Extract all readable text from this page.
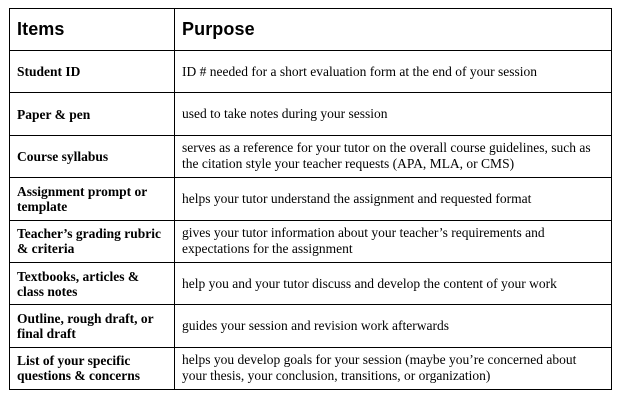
Items	Purpose
Student ID	ID # needed for a short evaluation form at the end of your session
Paper & pen	used to take notes during your session
Course syllabus	serves as a reference for your tutor on the overall course guidelines, such as the citation style your teacher requests (APA, MLA, or CMS)
Assignment prompt or template	helps your tutor understand the assignment and requested format
Teacher’s grading rubric & criteria	gives your tutor information about your teacher’s requirements and expectations for the assignment
Textbooks, articles & class notes	help you and your tutor discuss and develop the content of your work
Outline, rough draft, or final draft	guides your session and revision work afterwards
List of your specific questions & concerns	helps you develop goals for your session (maybe you’re concerned about your thesis, your conclusion, transitions, or organization)
